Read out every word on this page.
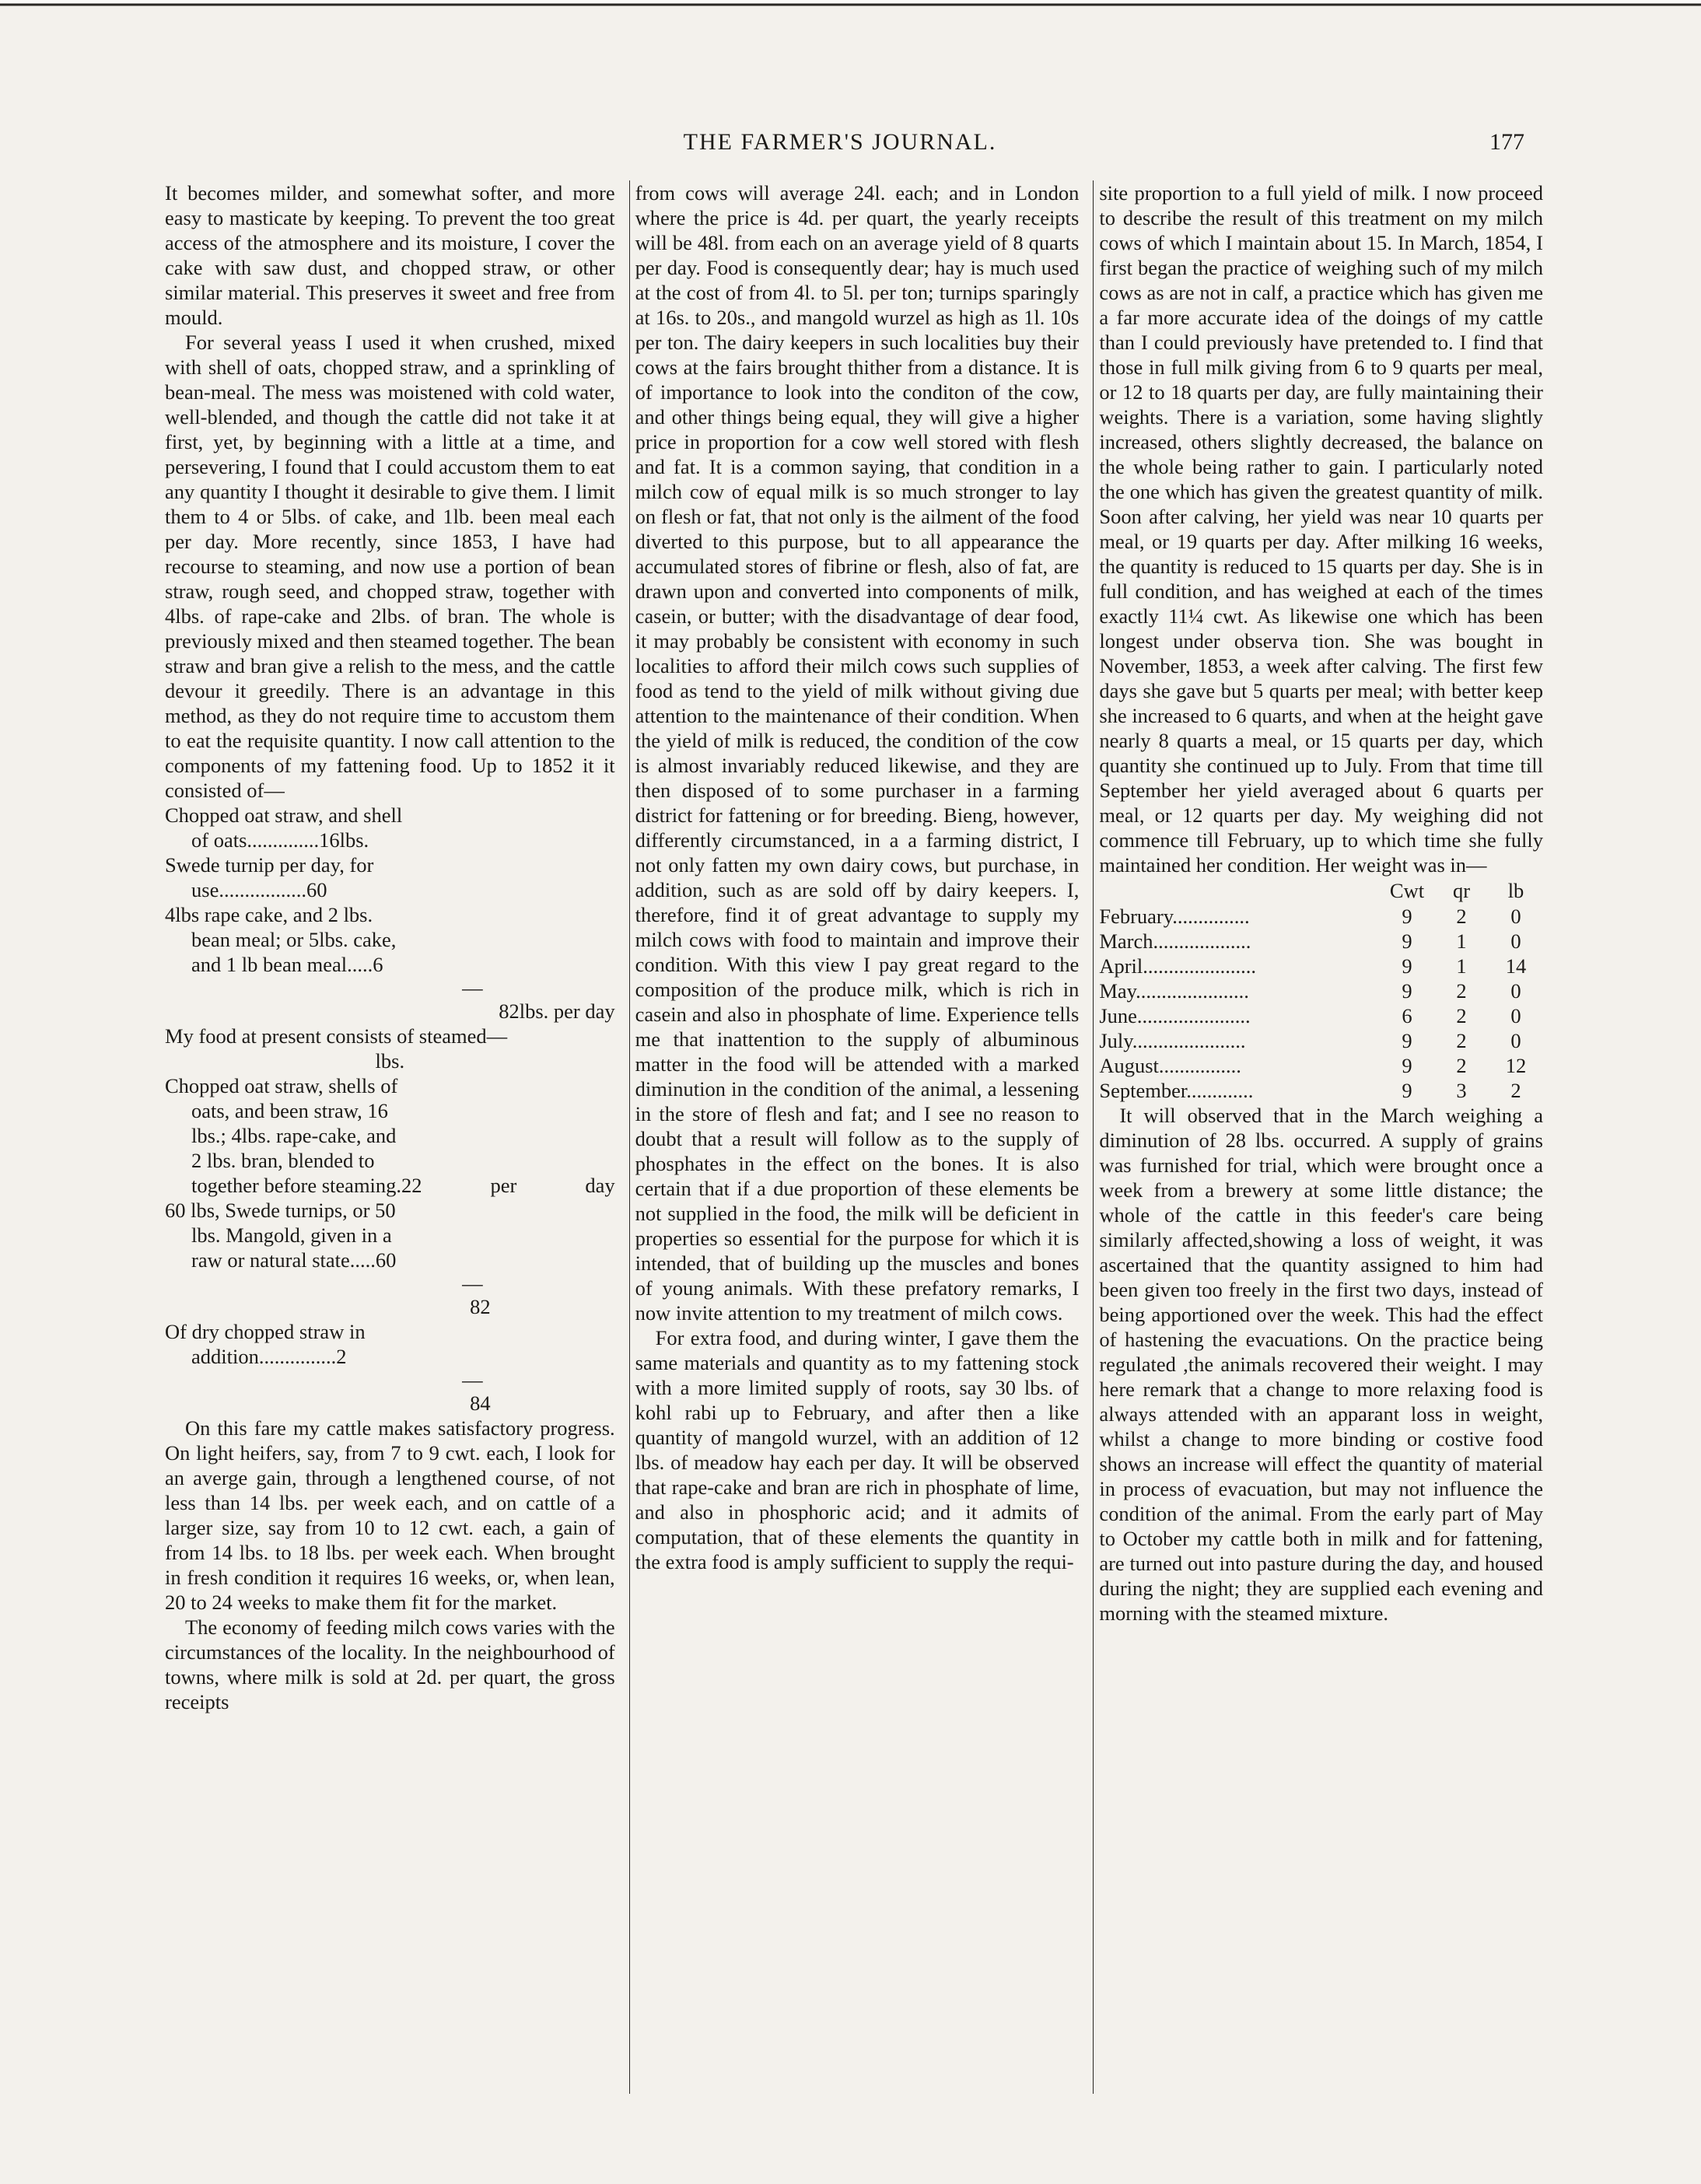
THE FARMER'S JOURNAL.	177

It becomes milder, and somewhat softer, and more easy to masticate by keeping. To prevent the too great access of the atmosphere and its moisture, I cover the cake with saw dust, and chopped straw, or other similar material. This preserves it sweet and free from mould.

For several yeass I used it when crushed, mixed with shell of oats, chopped straw, and a sprinkling of bean-meal. The mess was moistened with cold water, well-blended, and though the cattle did not take it at first, yet, by beginning with a little at a time, and persevering, I found that I could accustom them to eat any quantity I thought it desirable to give them. I limit them to 4 or 5lbs. of cake, and 1lb. been meal each per day. More recently, since 1853, I have had recourse to steaming, and now use a portion of bean straw, rough seed, and chopped straw, together with 4lbs. of rape-cake and 2lbs. of bran. The whole is previously mixed and then steamed together. The bean straw and bran give a relish to the mess, and the cattle devour it greedily. There is an advantage in this method, as they do not require time to accustom them to eat the requisite quantity. I now call attention to the components of my fattening food. Up to 1852 it it consisted of—

Chopped oat straw, and shell
of oats..............16lbs.
Swede turnip per day, for
use.................60
4lbs rape cake, and 2 lbs.
bean meal; or 5lbs. cake,
and 1 lb bean meal.....6
—
82lbs. per day
My food at present consists of steamed—
lbs.
Chopped oat straw, shells of
oats, and been straw, 16
lbs.; 4lbs. rape-cake, and
2 lbs. bran, blended to
together before steaming.22	per	day
60 lbs, Swede turnips, or 50
lbs. Mangold, given in a
raw or natural state.....60
—
82
Of dry chopped straw in
addition...............2
—
84

On this fare my cattle makes satisfactory progress. On light heifers, say, from 7 to 9 cwt. each, I look for an averge gain, through a lengthened course, of not less than 14 lbs. per week each, and on cattle of a larger size, say from 10 to 12 cwt. each, a gain of from 14 lbs. to 18 lbs. per week each. When brought in fresh condition it requires 16 weeks, or, when lean, 20 to 24 weeks to make them fit for the market.

The economy of feeding milch cows varies with the circumstances of the locality. In the neighbourhood of towns, where milk is sold at 2d. per quart, the gross receipts

from cows will average 24l. each; and in London where the price is 4d. per quart, the yearly receipts will be 48l. from each on an average yield of 8 quarts per day. Food is consequently dear; hay is much used at the cost of from 4l. to 5l. per ton; turnips sparingly at 16s. to 20s., and mangold wurzel as high as 1l. 10s per ton. The dairy keepers in such localities buy their cows at the fairs brought thither from a distance. It is of importance to look into the conditon of the cow, and other things being equal, they will give a higher price in proportion for a cow well stored with flesh and fat. It is a common saying, that condition in a milch cow of equal milk is so much stronger to lay on flesh or fat, that not only is the ailment of the food diverted to this purpose, but to all appearance the accumulated stores of fibrine or flesh, also of fat, are drawn upon and converted into components of milk, casein, or butter; with the disadvantage of dear food, it may probably be consistent with economy in such localities to afford their milch cows such supplies of food as tend to the yield of milk without giving due attention to the maintenance of their condition. When the yield of milk is reduced, the condition of the cow is almost invariably reduced likewise, and they are then disposed of to some purchaser in a farming district for fattening or for breeding. Bieng, however, differently circumstanced, in a a farming district, I not only fatten my own dairy cows, but purchase, in addition, such as are sold off by dairy keepers. I, therefore, find it of great advantage to supply my milch cows with food to maintain and improve their condition. With this view I pay great regard to the composition of the produce milk, which is rich in casein and also in phosphate of lime. Experience tells me that inattention to the supply of albuminous matter in the food will be attended with a marked diminution in the condition of the animal, a lessening in the store of flesh and fat; and I see no reason to doubt that a result will follow as to the supply of phosphates in the effect on the bones. It is also certain that if a due proportion of these elements be not supplied in the food, the milk will be deficient in properties so essential for the purpose for which it is intended, that of building up the muscles and bones of young animals. With these prefatory remarks, I now invite attention to my treatment of milch cows.

For extra food, and during winter, I gave them the same materials and quantity as to my fattening stock with a more limited supply of roots, say 30 lbs. of kohl rabi up to February, and after then a like quantity of mangold wurzel, with an addition of 12 lbs. of meadow hay each per day. It will be observed that rape-cake and bran are rich in phosphate of lime, and also in phosphoric acid; and it admits of computation, that of these elements the quantity in the extra food is amply sufficient to supply the requi-

site proportion to a full yield of milk. I now proceed to describe the result of this treatment on my milch cows of which I maintain about 15. In March, 1854, I first began the practice of weighing such of my milch cows as are not in calf, a practice which has given me a far more accurate idea of the doings of my cattle than I could previously have pretended to. I find that those in full milk giving from 6 to 9 quarts per meal, or 12 to 18 quarts per day, are fully maintaining their weights. There is a variation, some having slightly increased, others slightly decreased, the balance on the whole being rather to gain. I particularly noted the one which has given the greatest quantity of milk. Soon after calving, her yield was near 10 quarts per meal, or 19 quarts per day. After milking 16 weeks, the quantity is reduced to 15 quarts per day. She is in full condition, and has weighed at each of the times exactly 11¼ cwt. As likewise one which has been longest under observa tion. She was bought in November, 1853, a week after calving. The first few days she gave but 5 quarts per meal; with better keep she increased to 6 quarts, and when at the height gave nearly 8 quarts a meal, or 15 quarts per day, which quantity she continued up to July. From that time till September her yield averaged about 6 quarts per meal, or 12 quarts per day. My weighing did not commence till February, up to which time she fully maintained her condition. Her weight was in—

	Cwt	qr	lb
February...............	9	2	0
March...................	9	1	0
April......................	9	1	14
May......................	9	2	0
June......................	6	2	0
July......................	9	2	0
August................	9	2	12
September.............	9	3	2

It will observed that in the March weighing a diminution of 28 lbs. occurred. A supply of grains was furnished for trial, which were brought once a week from a brewery at some little distance; the whole of the cattle in this feeder's care being similarly affected,showing a loss of weight, it was ascertained that the quantity assigned to him had been given too freely in the first two days, instead of being apportioned over the week. This had the effect of hastening the evacuations. On the practice being regulated ,the animals recovered their weight. I may here remark that a change to more relaxing food is always attended with an apparant loss in weight, whilst a change to more binding or costive food shows an increase will effect the quantity of material in process of evacuation, but may not influence the condition of the animal. From the early part of May to October my cattle both in milk and for fattening, are turned out into pasture during the day, and housed during the night; they are supplied each evening and morning with the steamed mixture.
